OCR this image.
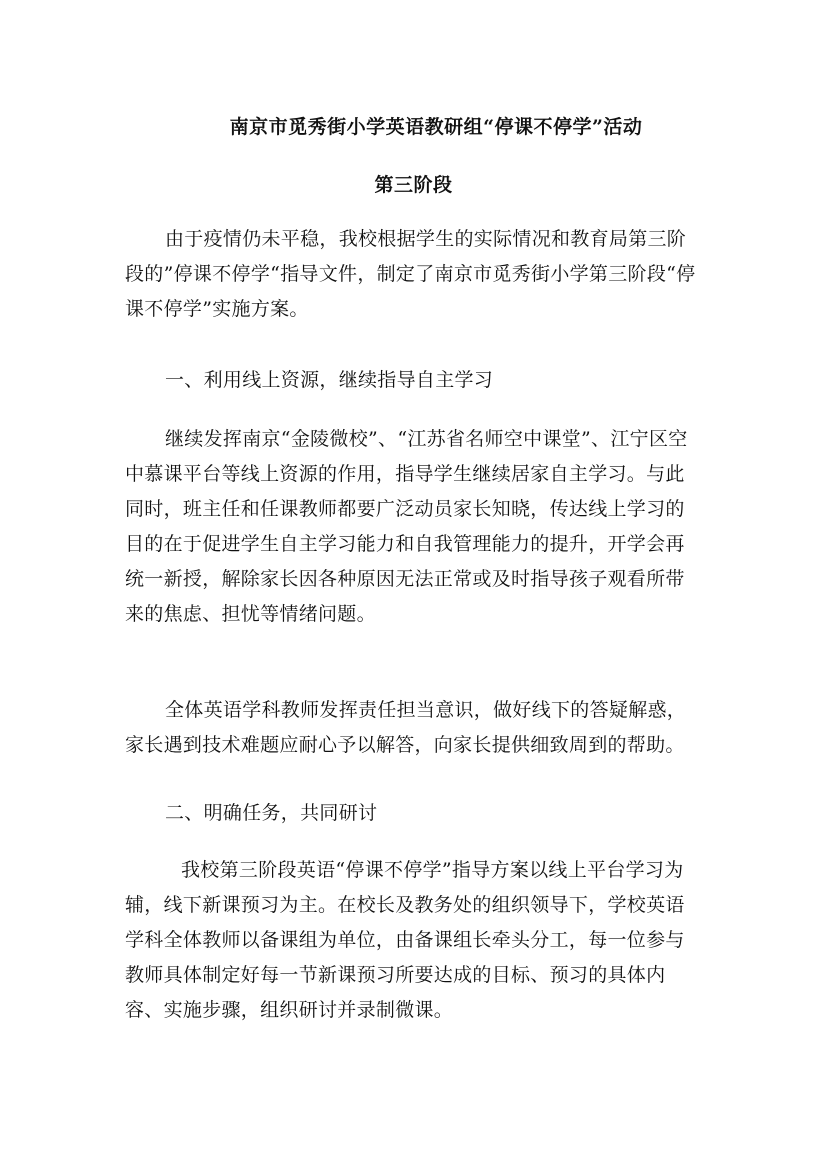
南京市觅秀街小学英语教研组“停课不停学”活动
第三阶段

由于疫情仍未平稳，我校根据学生的实际情况和教育局第三阶段的”停课不停学“指导文件，制定了南京市觅秀街小学第三阶段“停课不停学”实施方案。

一、利用线上资源，继续指导自主学习

继续发挥南京“金陵微校”、“江苏省名师空中课堂”、江宁区空中慕课平台等线上资源的作用，指导学生继续居家自主学习。与此同时，班主任和任课教师都要广泛动员家长知晓，传达线上学习的目的在于促进学生自主学习能力和自我管理能力的提升，开学会再统一新授，解除家长因各种原因无法正常或及时指导孩子观看所带来的焦虑、担忧等情绪问题。

全体英语学科教师发挥责任担当意识，做好线下的答疑解惑，家长遇到技术难题应耐心予以解答，向家长提供细致周到的帮助。

二、明确任务，共同研讨

我校第三阶段英语“停课不停学”指导方案以线上平台学习为辅，线下新课预习为主。在校长及教务处的组织领导下，学校英语学科全体教师以备课组为单位，由备课组长牵头分工，每一位参与教师具体制定好每一节新课预习所要达成的目标、预习的具体内容、实施步骤，组织研讨并录制微课。
